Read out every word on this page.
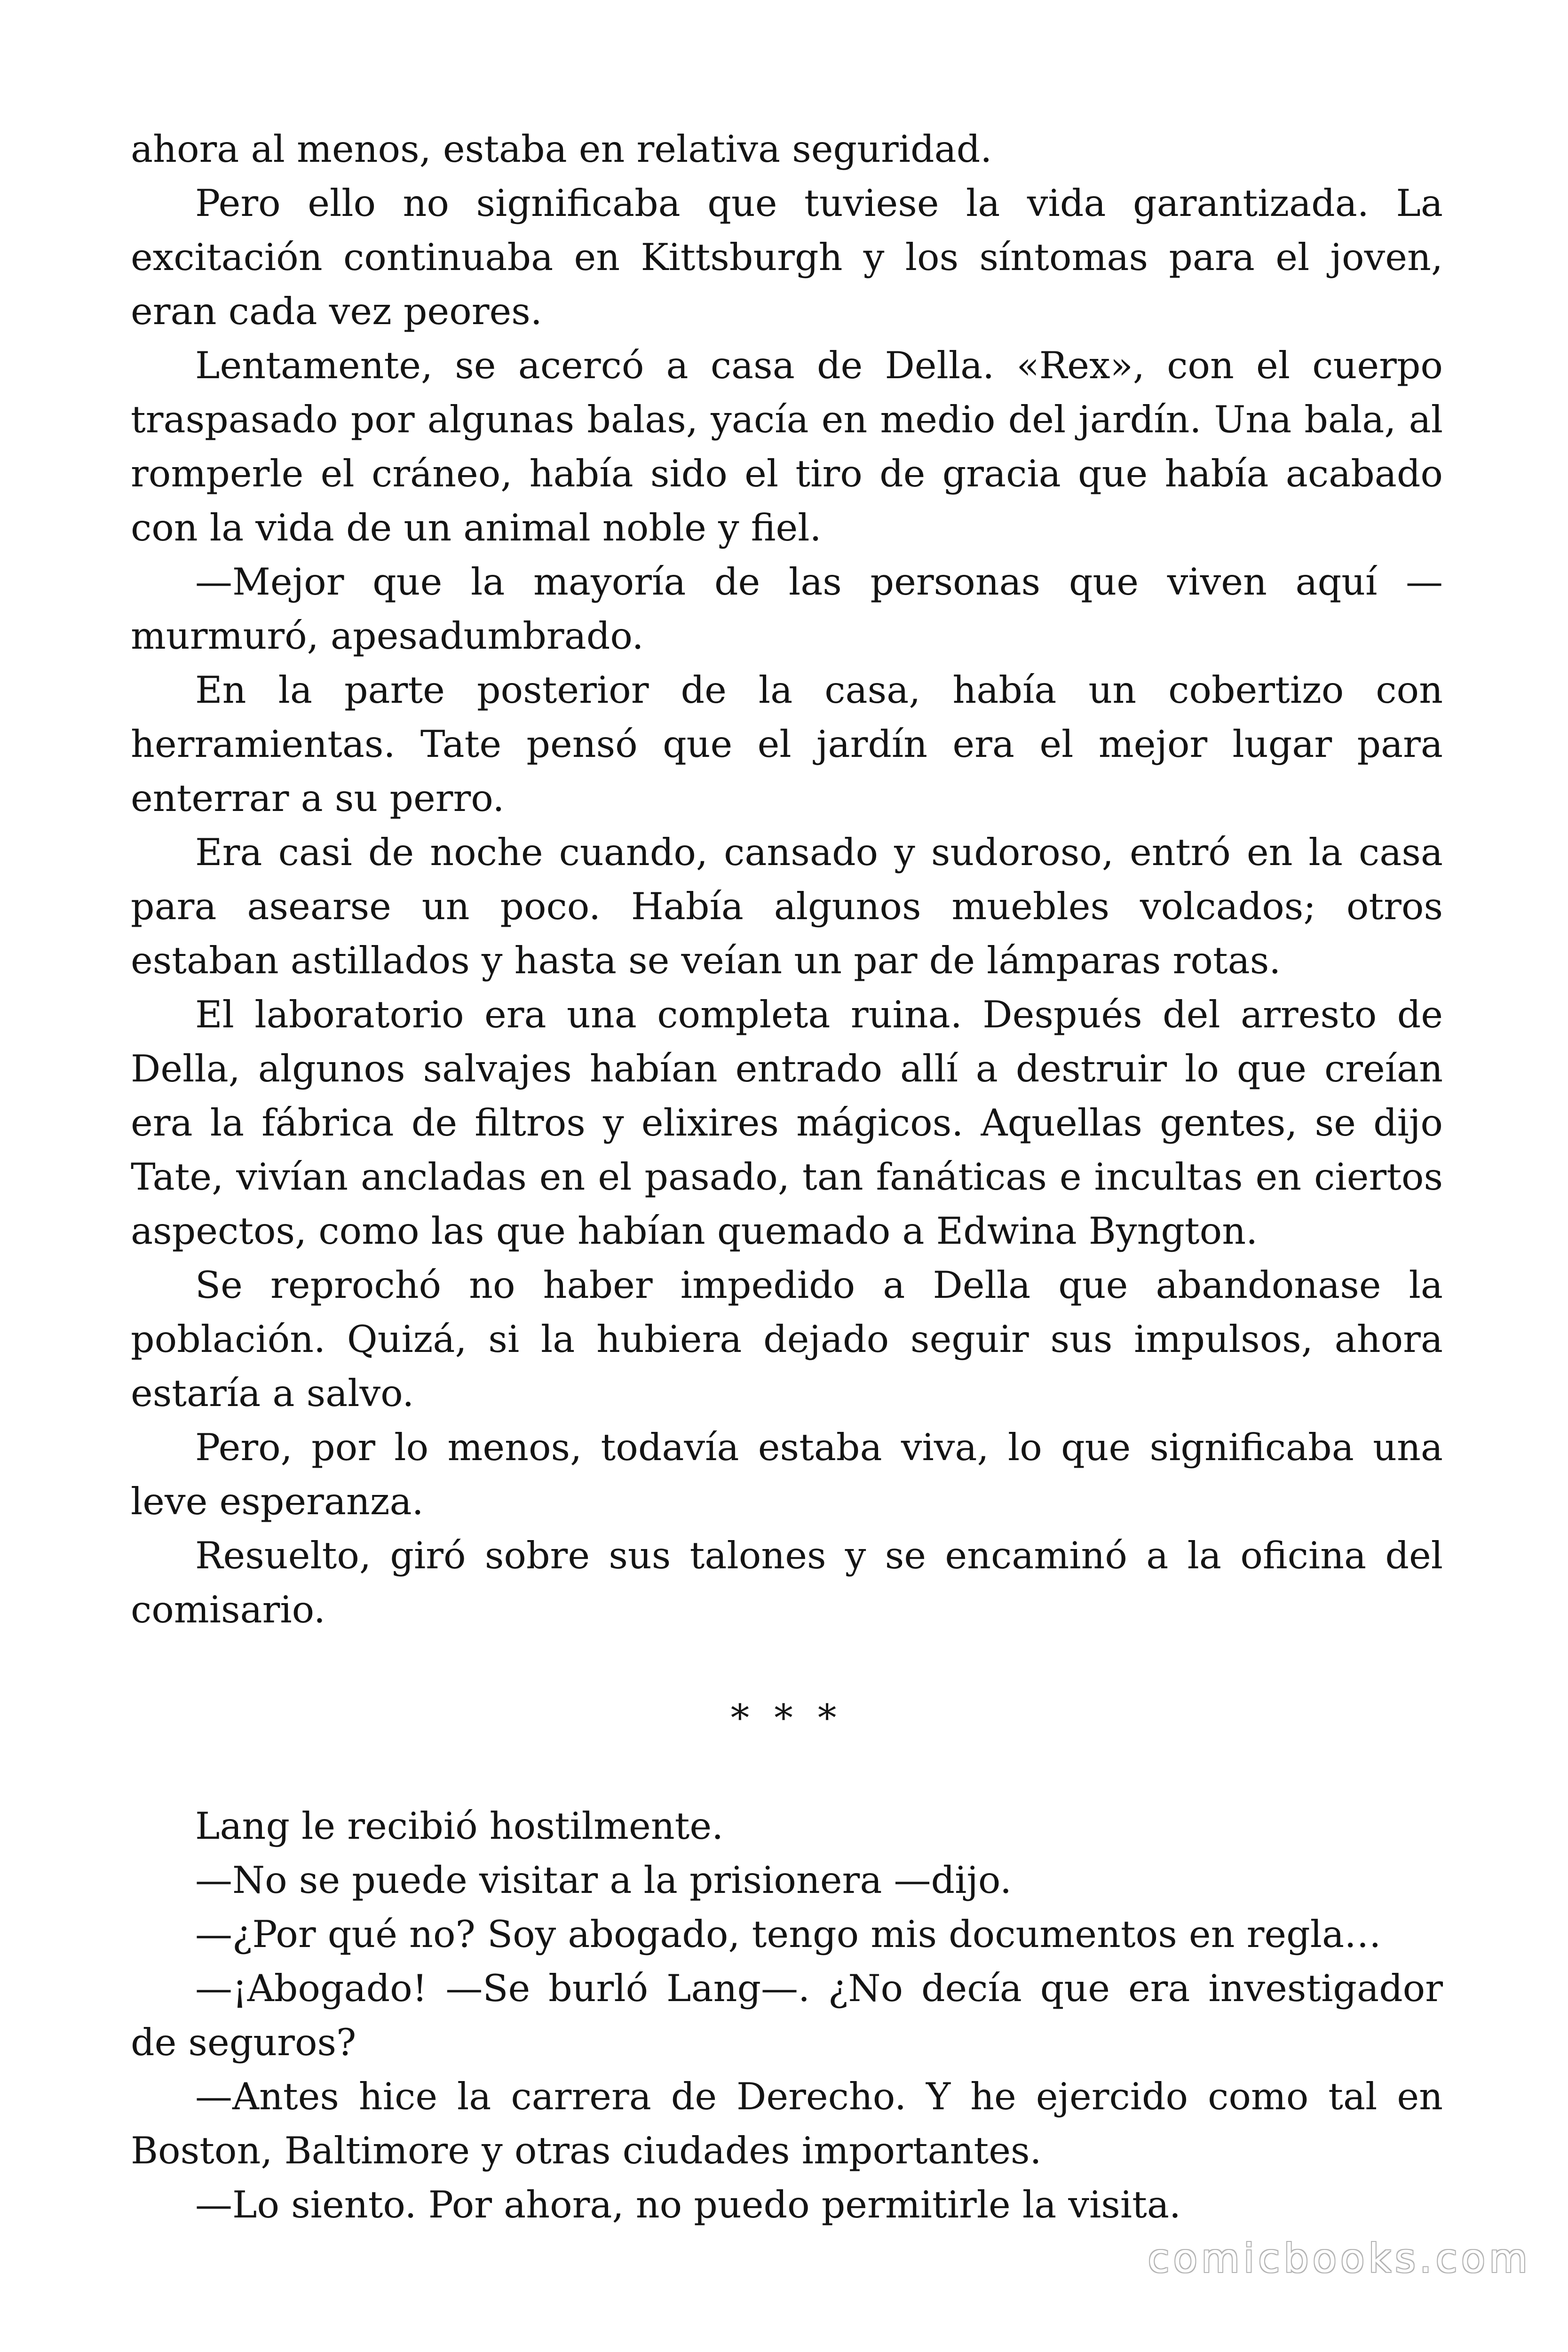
ahora al menos, estaba en relativa seguridad.

Pero ello no significaba que tuviese la vida garantizada. La excitación continuaba en Kittsburgh y los síntomas para el joven, eran cada vez peores.

Lentamente, se acercó a casa de Della. «Rex», con el cuerpo traspasado por algunas balas, yacía en medio del jardín. Una bala, al romperle el cráneo, había sido el tiro de gracia que había acabado con la vida de un animal noble y fiel.

—Mejor que la mayoría de las personas que viven aquí —murmuró, apesadumbrado.

En la parte posterior de la casa, había un cobertizo con herramientas. Tate pensó que el jardín era el mejor lugar para enterrar a su perro.

Era casi de noche cuando, cansado y sudoroso, entró en la casa para asearse un poco. Había algunos muebles volcados; otros estaban astillados y hasta se veían un par de lámparas rotas.

El laboratorio era una completa ruina. Después del arresto de Della, algunos salvajes habían entrado allí a destruir lo que creían era la fábrica de filtros y elixires mágicos. Aquellas gentes, se dijo Tate, vivían ancladas en el pasado, tan fanáticas e incultas en ciertos aspectos, como las que habían quemado a Edwina Byngton.

Se reprochó no haber impedido a Della que abandonase la población. Quizá, si la hubiera dejado seguir sus impulsos, ahora estaría a salvo.

Pero, por lo menos, todavía estaba viva, lo que significaba una leve esperanza.

Resuelto, giró sobre sus talones y se encaminó a la oficina del comisario.

* * *

Lang le recibió hostilmente.

—No se puede visitar a la prisionera —dijo.

—¿Por qué no? Soy abogado, tengo mis documentos en regla…

—¡Abogado! —Se burló Lang—. ¿No decía que era investigador de seguros?

—Antes hice la carrera de Derecho. Y he ejercido como tal en Boston, Baltimore y otras ciudades importantes.

—Lo siento. Por ahora, no puedo permitirle la visita.

comicbooks.com
